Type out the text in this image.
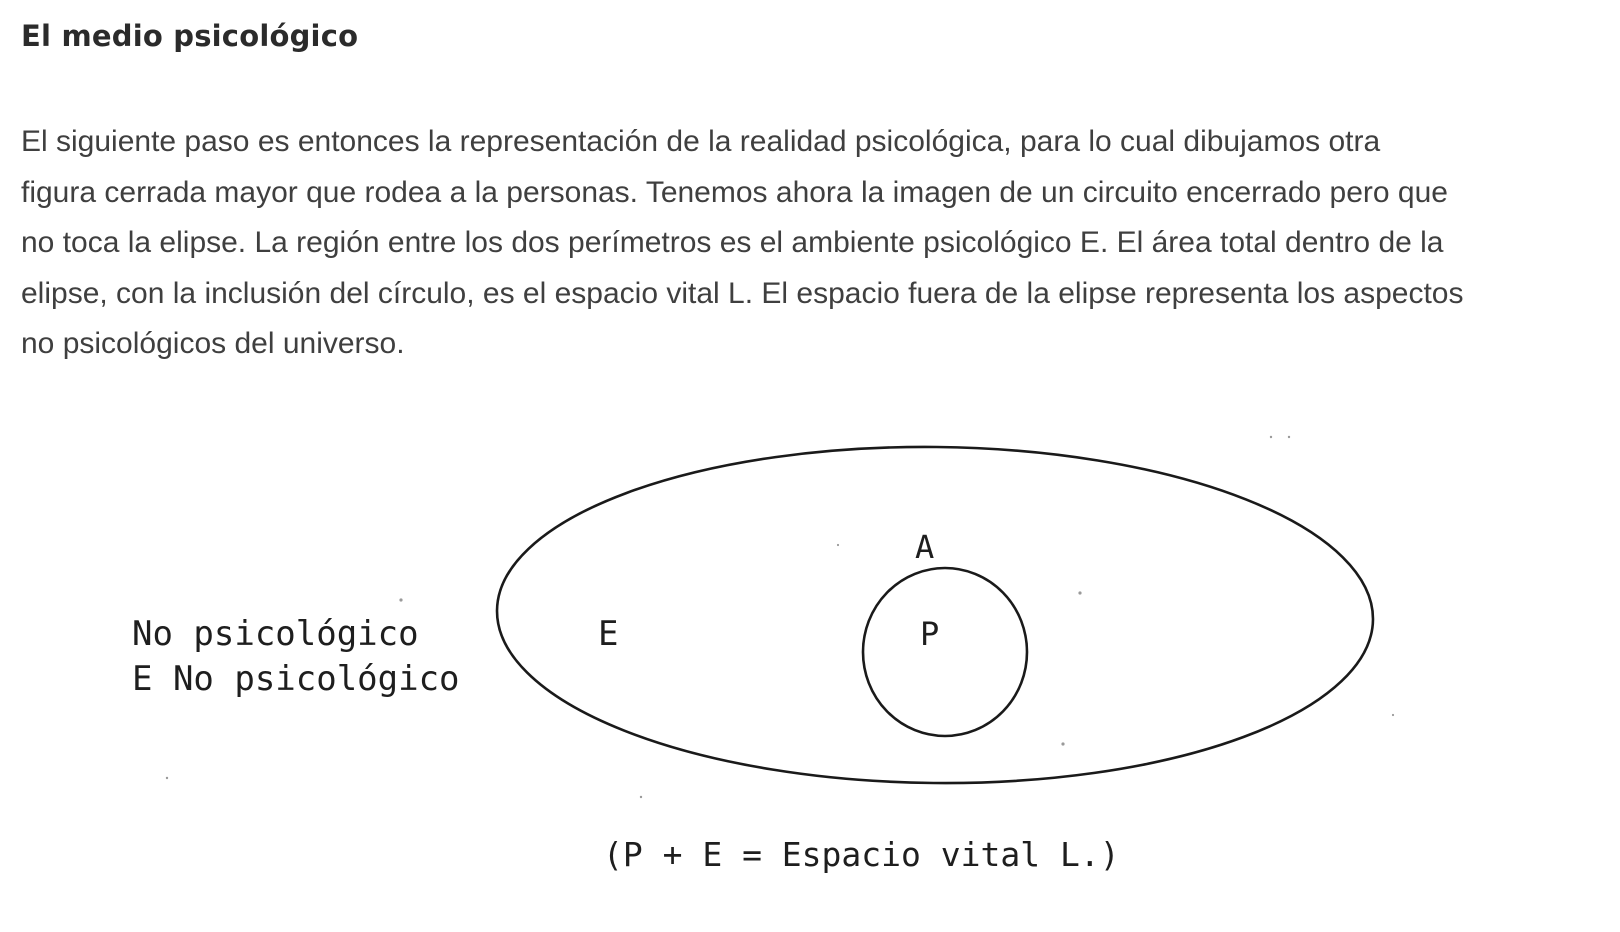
El medio psicológico
El siguiente paso es entonces la representación de la realidad psicológica, para lo cual dibujamos otra
figura cerrada mayor que rodea a la personas. Tenemos ahora la imagen de un circuito encerrado pero que
no toca la elipse. La región entre los dos perímetros es el ambiente psicológico E. El área total dentro de la
elipse, con la inclusión del círculo, es el espacio vital L. El espacio fuera de la elipse representa los aspectos
no psicológicos del universo.
No psicológico
E No psicológico
E
A
P
(P + E = Espacio vital L.)
